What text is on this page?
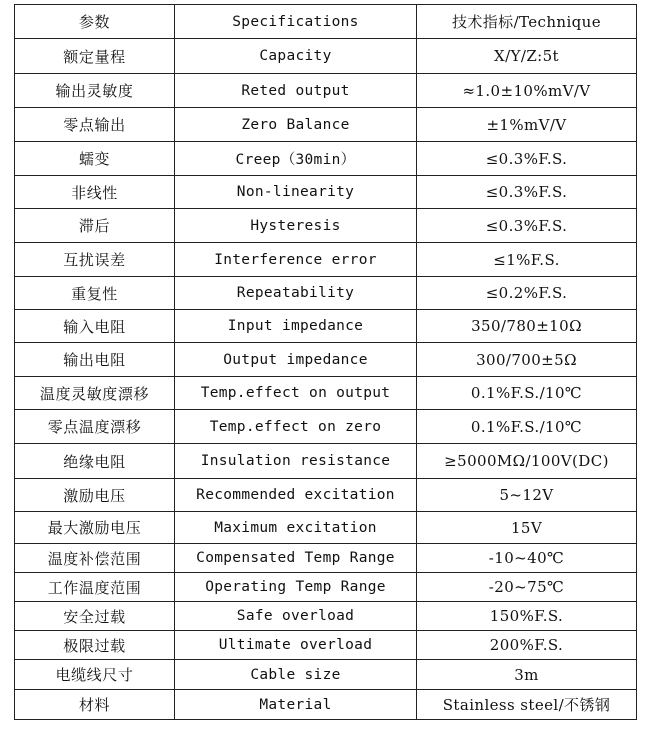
参数	Specifications	技术指标/Technique
额定量程	Capacity	X/Y/Z:5t
输出灵敏度	Reted output	≈1.0±10%mV/V
零点输出	Zero Balance	±1%mV/V
蠕变	Creep（30min）	≤0.3%F.S.
非线性	Non-linearity	≤0.3%F.S.
滞后	Hysteresis	≤0.3%F.S.
互扰误差	Interference error	≤1%F.S.
重复性	Repeatability	≤0.2%F.S.
输入电阻	Input impedance	350/780±10Ω
输出电阻	Output impedance	300/700±5Ω
温度灵敏度漂移	Temp.effect on output	0.1%F.S./10℃
零点温度漂移	Temp.effect on zero	0.1%F.S./10℃
绝缘电阻	Insulation resistance	≥5000MΩ/100V(DC)
激励电压	Recommended excitation	5~12V
最大激励电压	Maximum excitation	15V
温度补偿范围	Compensated Temp Range	-10~40℃
工作温度范围	Operating Temp Range	-20~75℃
安全过载	Safe overload	150%F.S.
极限过载	Ultimate overload	200%F.S.
电缆线尺寸	Cable size	3m
材料	Material	Stainless steel/不锈钢
